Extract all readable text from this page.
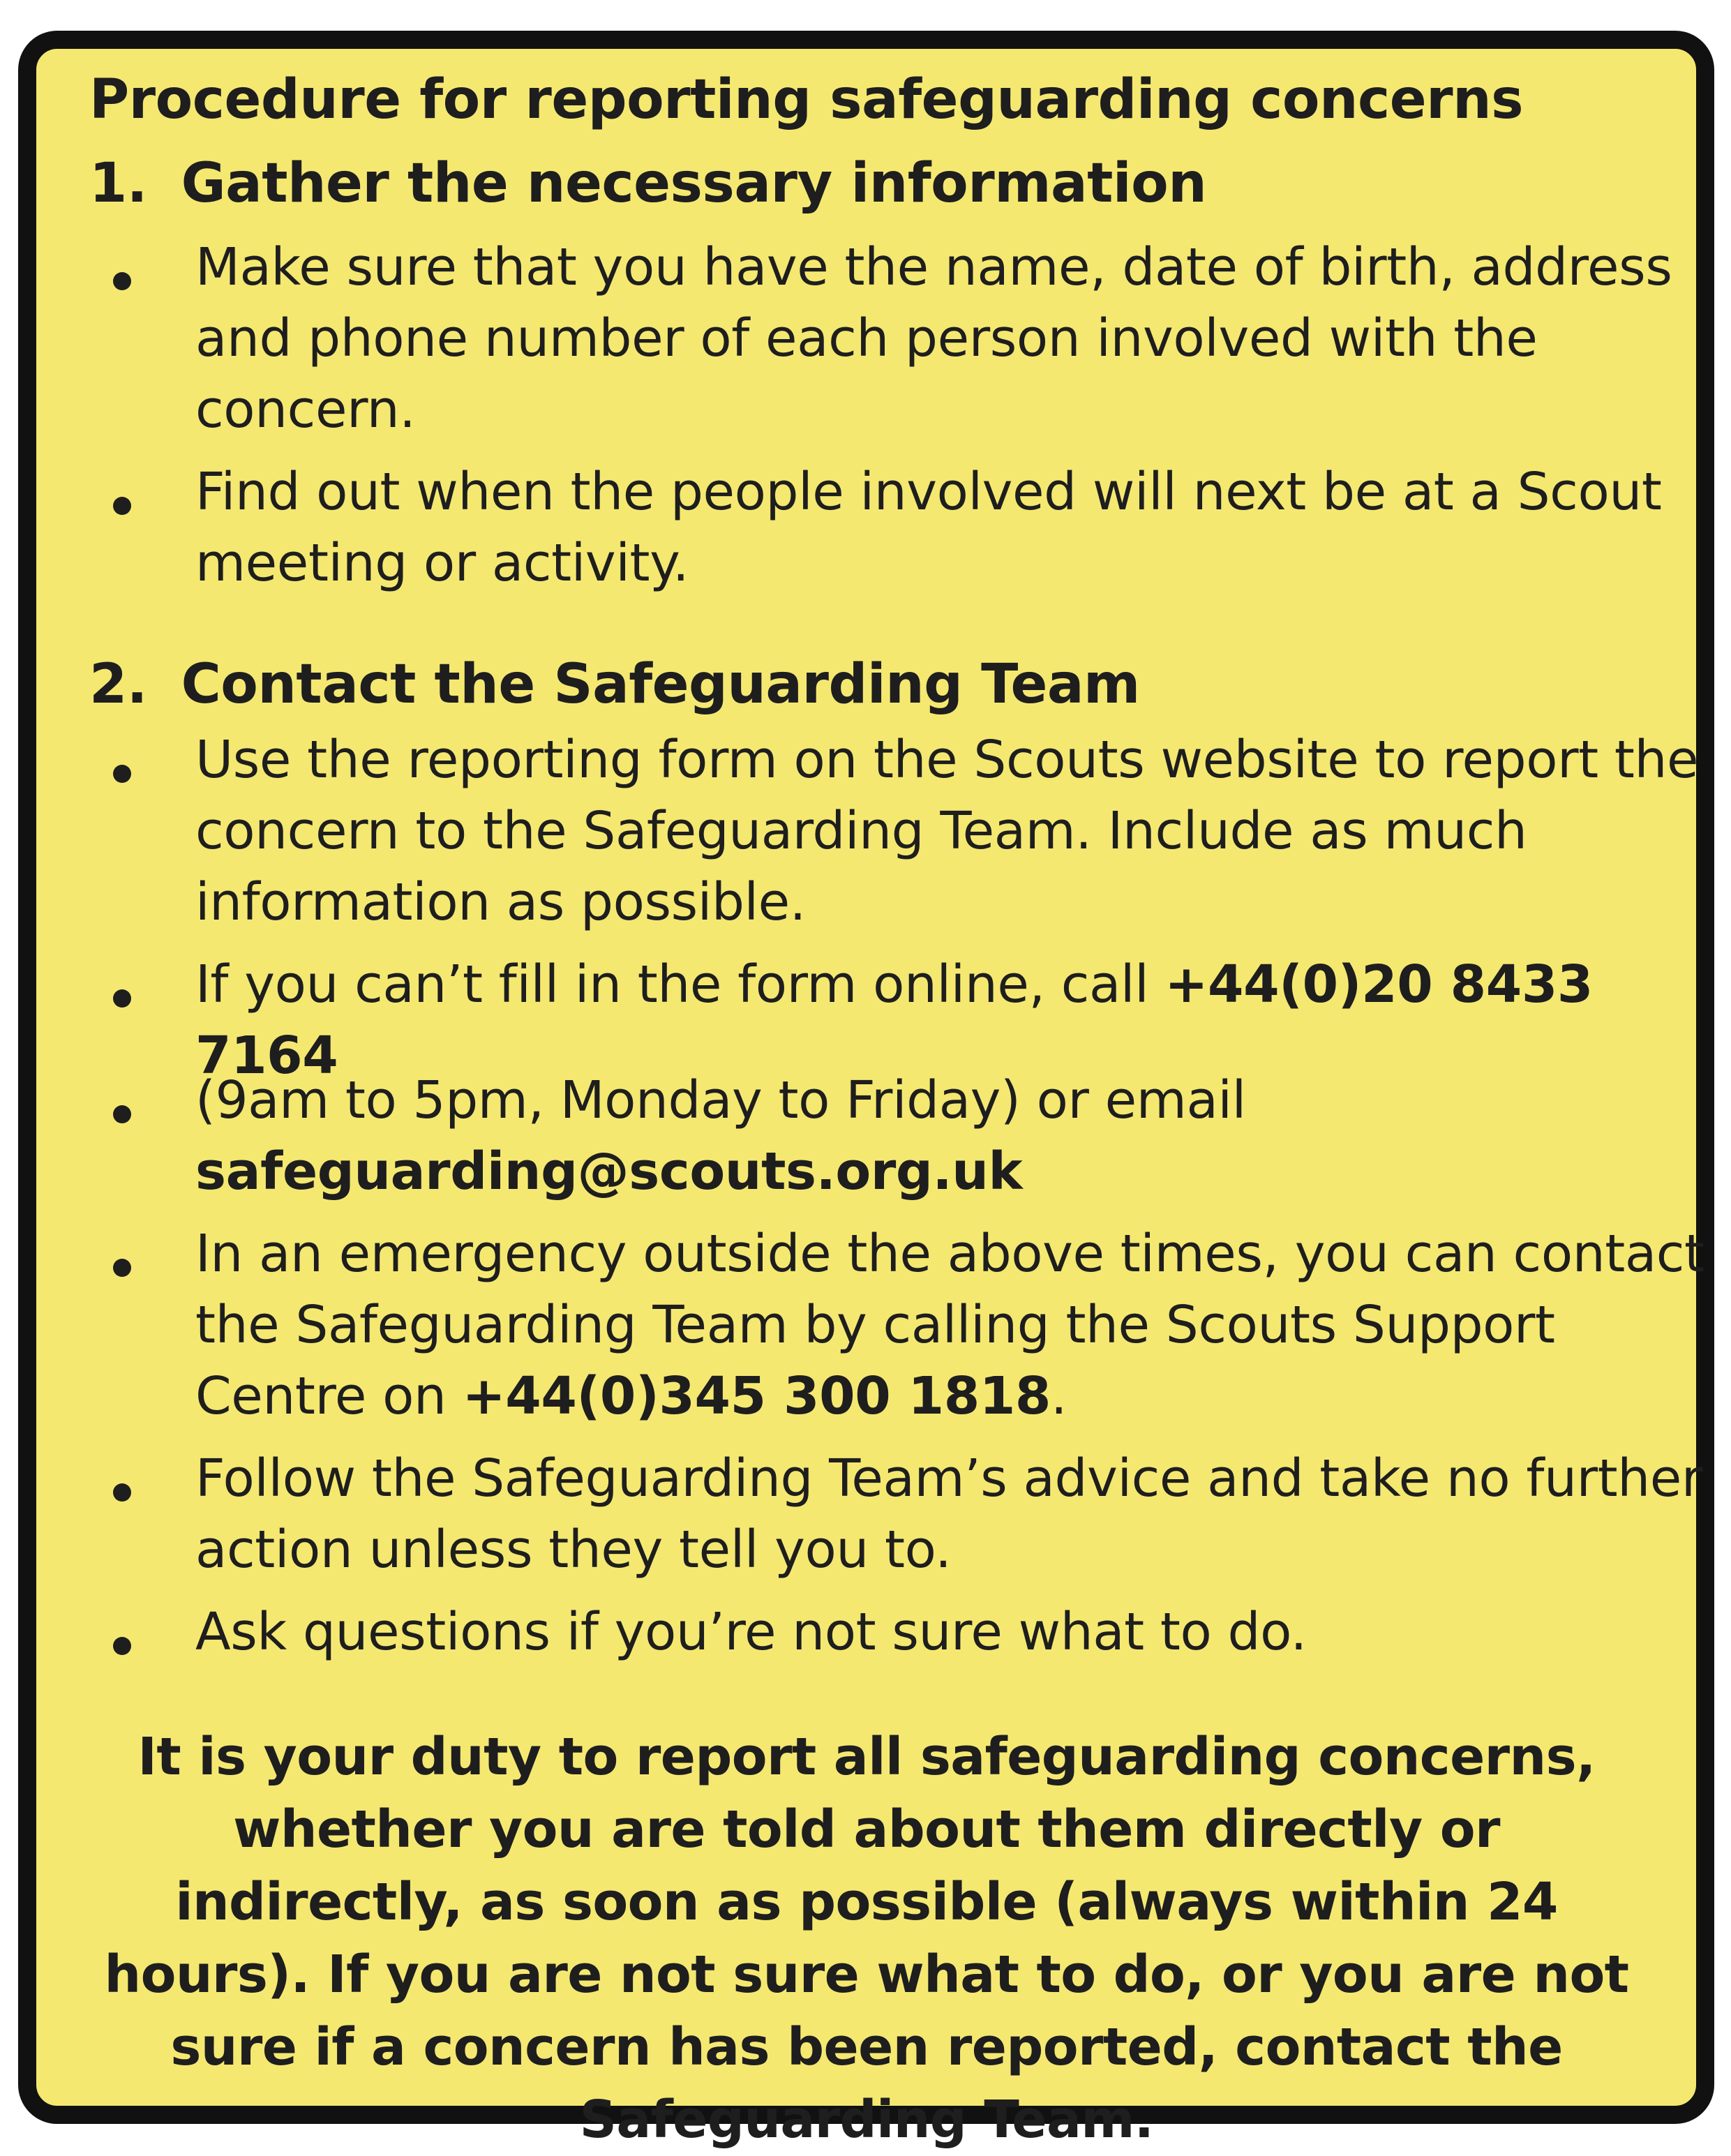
Procedure for reporting safeguarding concerns
1. Gather the necessary information
Make sure that you have the name, date of birth, address and phone number of each person involved with the concern.
Find out when the people involved will next be at a Scout meeting or activity.
2. Contact the Safeguarding Team
Use the reporting form on the Scouts website to report the concern to the Safeguarding Team. Include as much information as possible.
If you can’t fill in the form online, call +44(0)20 8433 7164
(9am to 5pm, Monday to Friday) or email
safeguarding@scouts.org.uk
In an emergency outside the above times, you can contact the Safeguarding Team by calling the Scouts Support Centre on +44(0)345 300 1818.
Follow the Safeguarding Team’s advice and take no further action unless they tell you to.
Ask questions if you’re not sure what to do.
It is your duty to report all safeguarding concerns, whether you are told about them directly or indirectly, as soon as possible (always within 24 hours). If you are not sure what to do, or you are not sure if a concern has been reported, contact the Safeguarding Team.
